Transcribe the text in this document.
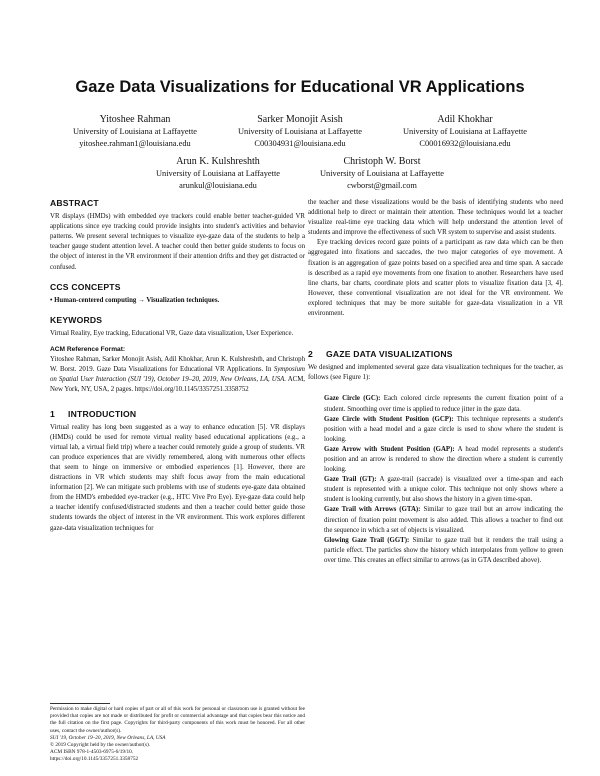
Gaze Data Visualizations for Educational VR Applications
Yitoshee Rahman
University of Louisiana at Laffayette
yitoshee.rahman1@louisiana.edu
Sarker Monojit Asish
University of Louisiana at Laffayette
C00304931@louisiana.edu
Adil Khokhar
University of Louisiana at Laffayette
C00016932@louisiana.edu
Arun K. Kulshreshth
University of Louisiana at Laffayette
arunkul@louisiana.edu
Christoph W. Borst
University of Louisiana at Laffayette
cwborst@gmail.com
ABSTRACT

VR displays (HMDs) with embedded eye trackers could enable better teacher-guided VR applications since eye tracking could provide insights into student's activities and behavior patterns. We present several techniques to visualize eye-gaze data of the students to help a teacher gauge student attention level. A teacher could then better guide students to focus on the object of interest in the VR environment if their attention drifts and they get distracted or confused.

CCS CONCEPTS

• Human-centered computing → Visualization techniques.

KEYWORDS

Virtual Reality, Eye tracking, Educational VR, Gaze data visualization, User Experience.

ACM Reference Format:

Yitoshee Rahman, Sarker Monojit Asish, Adil Khokhar, Arun K. Kulshreshth, and Christoph W. Borst. 2019. Gaze Data Visualizations for Educational VR Applications. In Symposium on Spatial User Interaction (SUI '19), October 19–20, 2019, New Orleans, LA, USA. ACM, New York, NY, USA, 2 pages. https://doi.org/10.1145/3357251.3358752

1 INTRODUCTION

Virtual reality has long been suggested as a way to enhance education [5]. VR displays (HMDs) could be used for remote virtual reality based educational applications (e.g., a virtual lab, a virtual field trip) where a teacher could remotely guide a group of students. VR can produce experiences that are vividly remembered, along with numerous other effects that seem to hinge on immersive or embodied experiences [1]. However, there are distractions in VR which students may shift focus away from the main educational information [2]. We can mitigate such problems with use of students eye-gaze data obtained from the HMD's embedded eye-tracker (e.g., HTC Vive Pro Eye). Eye-gaze data could help a teacher identify confused/distracted students and then a teacher could better guide those students towards the object of interest in the VR environment. This work explores different gaze-data visualization techniques for

Permission to make digital or hard copies of part or all of this work for personal or classroom use is granted without fee provided that copies are not made or distributed for profit or commercial advantage and that copies bear this notice and the full citation on the first page. Copyrights for third-party components of this work must be honored. For all other uses, contact the owner/author(s).

SUI '19, October 19–20, 2019, New Orleans, LA, USA
© 2019 Copyright held by the owner/author(s).
ACM ISBN 978-1-4503-6975-6/19/10.
https://doi.org/10.1145/3357251.3358752

the teacher and these visualizations would be the basis of identifying students who need additional help to direct or maintain their attention. These techniques would let a teacher visualize real-time eye tracking data which will help understand the attention level of students and improve the effectiveness of such VR system to supervise and assist students.

Eye tracking devices record gaze points of a participant as raw data which can be then aggregated into fixations and saccades, the two major categories of eye movement. A fixation is an aggregation of gaze points based on a specified area and time span. A saccade is described as a rapid eye movements from one fixation to another. Researchers have used line charts, bar charts, coordinate plots and scatter plots to visualize fixation data [3, 4]. However, these conventional visualization are not ideal for the VR environment. We explored techniques that may be more suitable for gaze-data visualization in a VR environment.

2 GAZE DATA VISUALIZATIONS

We designed and implemented several gaze data visualization techniques for the teacher, as follows (see Figure 1):

Gaze Circle (GC): Each colored circle represents the current fixation point of a student. Smoothing over time is applied to reduce jitter in the gaze data.
Gaze Circle with Student Position (GCP): This technique represents a student's position with a head model and a gaze circle is used to show where the student is looking.
Gaze Arrow with Student Position (GAP): A head model represents a student's position and an arrow is rendered to show the direction where a student is currently looking.
Gaze Trail (GT): A gaze-trail (saccade) is visualized over a time-span and each student is represented with a unique color. This technique not only shows where a student is looking currently, but also shows the history in a given time-span.
Gaze Trail with Arrows (GTA): Similar to gaze trail but an arrow indicating the direction of fixation point movement is also added. This allows a teacher to find out the sequence in which a set of objects is visualized.
Glowing Gaze Trail (GGT): Similar to gaze trail but it renders the trail using a particle effect. The particles show the history which interpolates from yellow to green over time. This creates an effect similar to arrows (as in GTA described above).
